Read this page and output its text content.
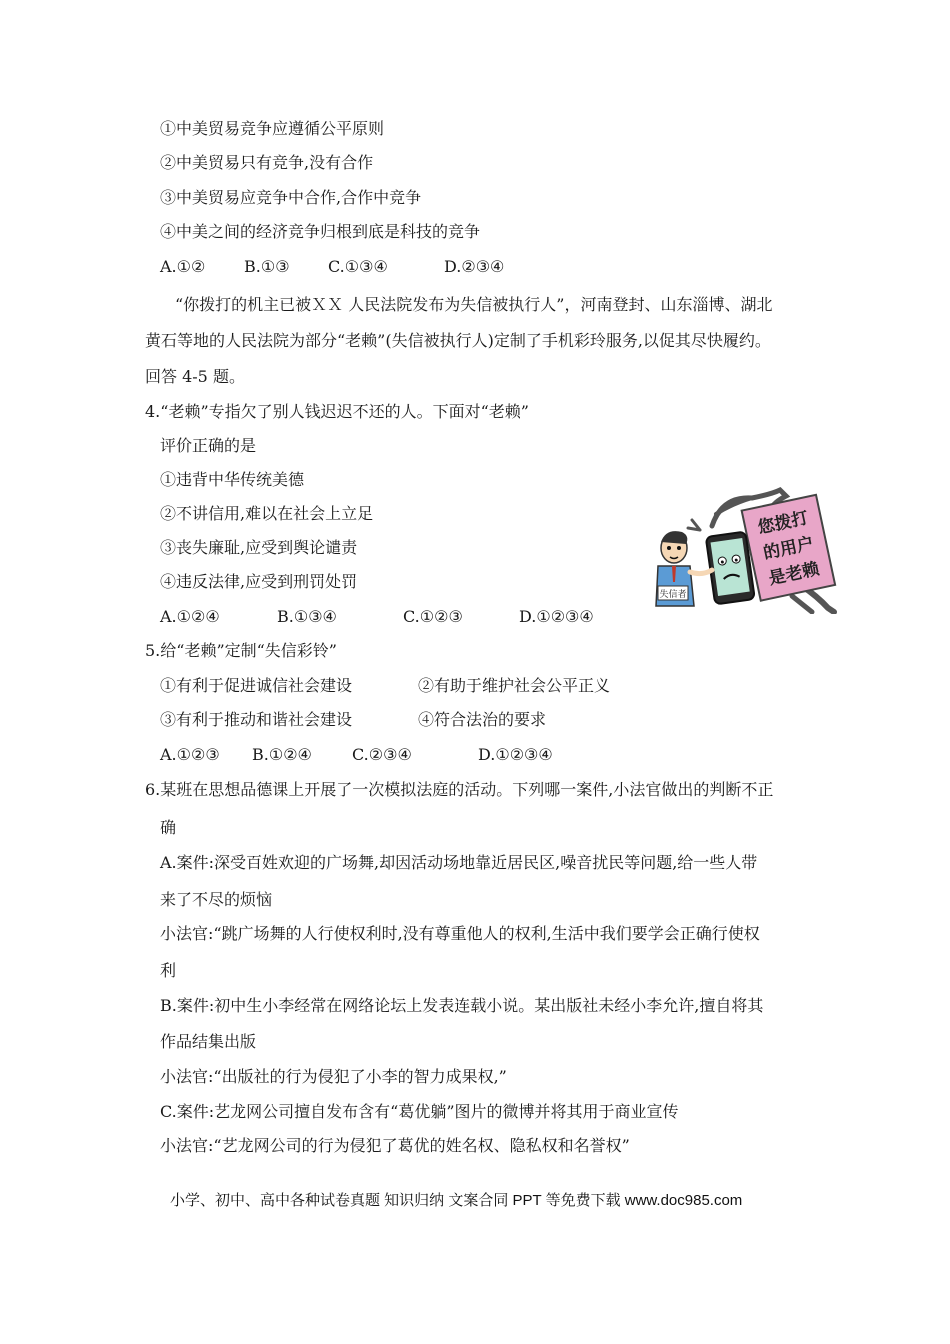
①中美贸易竞争应遵循公平原则
②中美贸易只有竞争,没有合作
③中美贸易应竞争中合作,合作中竞争
④中美之间的经济竞争归根到底是科技的竞争
A.①② B.①③ C.①③④	D.②③④
“你拨打的机主已被ＸＸ 人民法院发布为失信被执行人”，河南登封、山东淄博、湖北
黄石等地的人民法院为部分“老赖”(失信被执行人)定制了手机彩玲服务,以促其尽快履约。
回答 4-5 题。
4.“老赖”专指欠了别人钱迟迟不还的人。下面对“老赖”
评价正确的是
①违背中华传统美德
②不讲信用,难以在社会上立足
③丧失廉耻,应受到舆论谴责
④违反法律,应受到刑罚处罚
A.①②④	B.①③④	C.①②③	D.①②③④
您拨打
的用户
是老赖
失信者
5.给“老赖”定制“失信彩铃”
①有利于促进诚信社会建设	②有助于维护社会公平正义
③有利于推动和谐社会建设	④符合法治的要求
A.①②③ B.①②④	C.②③④	D.①②③④
6.某班在思想品德课上开展了一次模拟法庭的活动。下列哪一案件,小法官做出的判断不正
确
A.案件:深受百姓欢迎的广场舞,却因活动场地靠近居民区,噪音扰民等问题,给一些人带
来了不尽的烦恼
小法官:“跳广场舞的人行使权利时,没有尊重他人的权利,生活中我们要学会正确行使权
利
B.案件:初中生小李经常在网络论坛上发表连载小说。某出版社未经小李允许,擅自将其
作品结集出版
小法官:“出版社的行为侵犯了小李的智力成果权,”
C.案件:艺龙网公司擅自发布含有“葛优躺”图片的微博并将其用于商业宣传
小法官:“艺龙网公司的行为侵犯了葛优的姓名权、隐私权和名誉权”
小学、初中、高中各种试卷真题 知识归纳 文案合同 PPT 等免费下载 www.doc985.com
